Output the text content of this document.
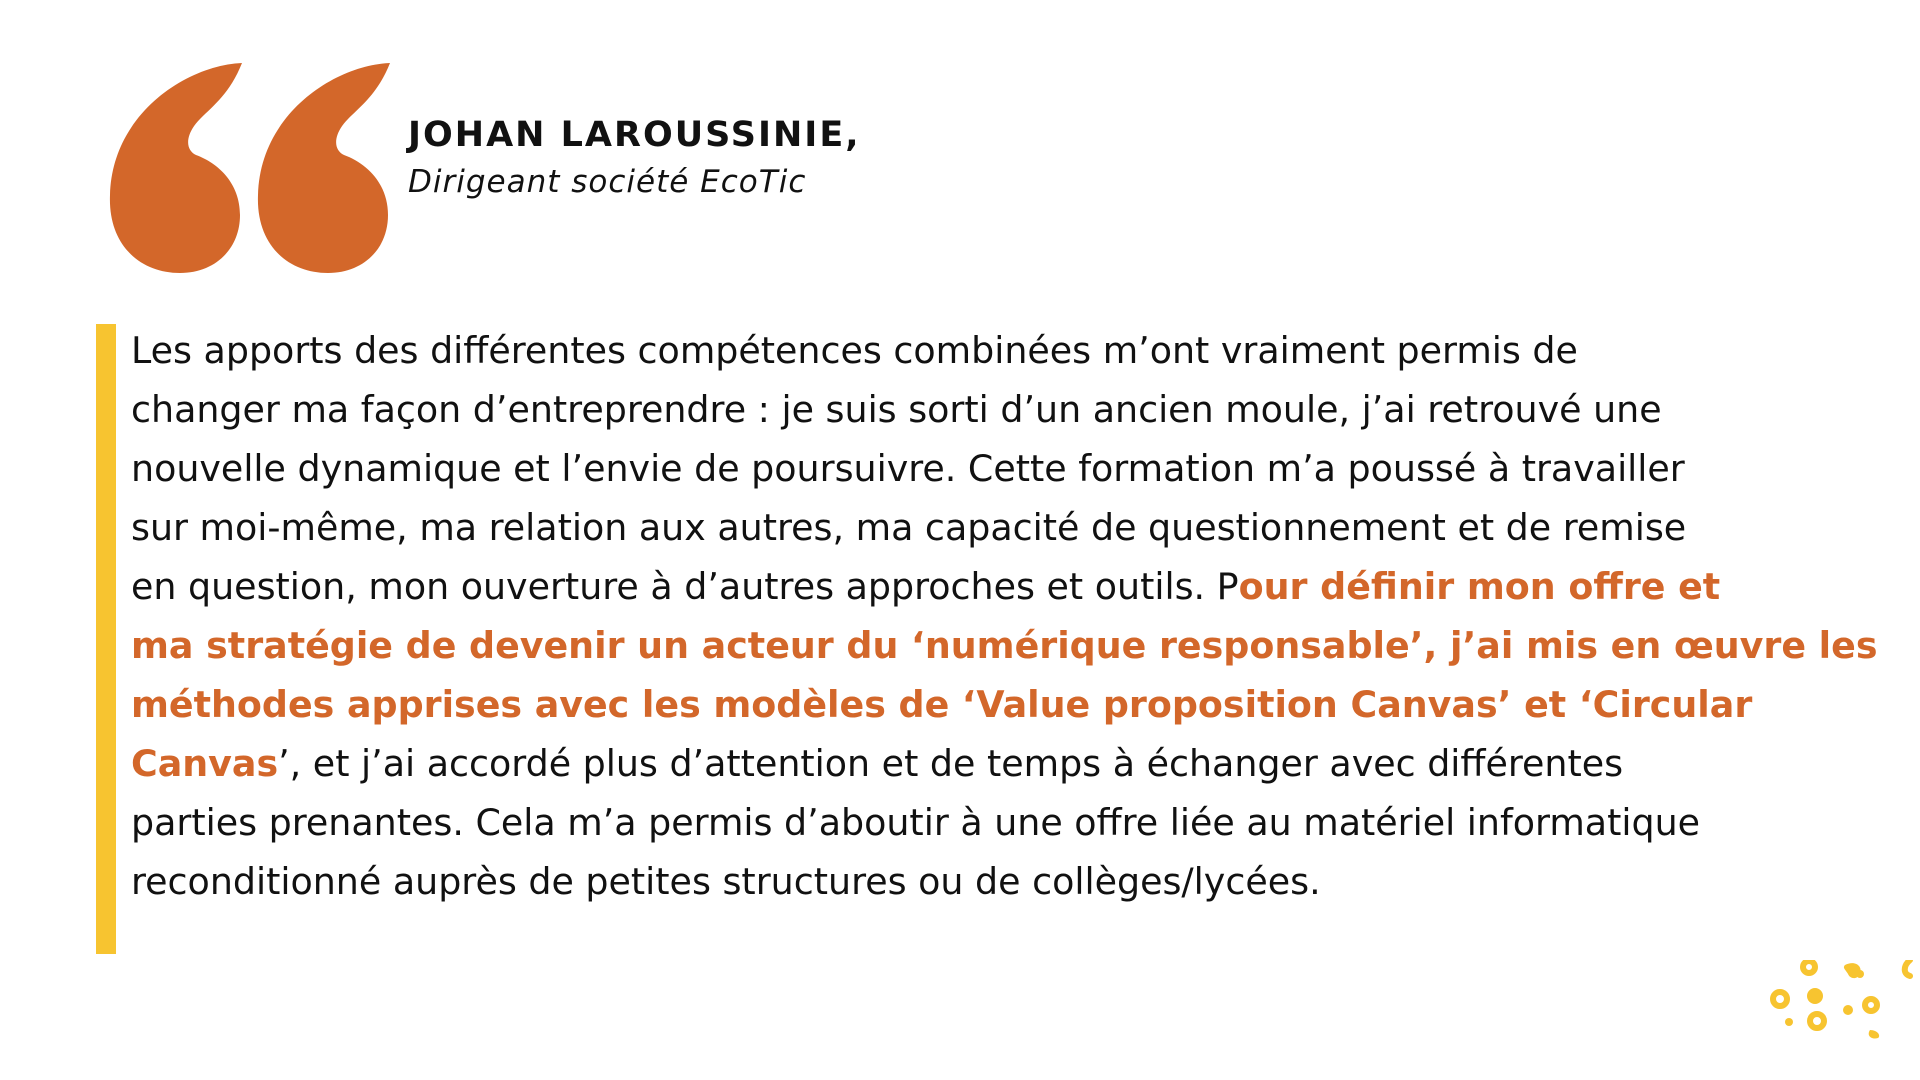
JOHAN LAROUSSINIE,
Dirigeant société EcoTic
Les apports des différentes compétences combinées m’ont vraiment permis de
changer ma façon d’entreprendre : je suis sorti d’un ancien moule, j’ai retrouvé une
nouvelle dynamique et l’envie de poursuivre. Cette formation m’a poussé à travailler
sur moi-même, ma relation aux autres, ma capacité de questionnement et de remise
en question, mon ouverture à d’autres approches et outils. Pour définir mon offre et
ma stratégie de devenir un acteur du ‘numérique responsable’, j’ai mis en œuvre les
méthodes apprises avec les modèles de ‘Value proposition Canvas’ et ‘Circular
Canvas’, et j’ai accordé plus d’attention et de temps à échanger avec différentes
parties prenantes. Cela m’a permis d’aboutir à une offre liée au matériel informatique
reconditionné auprès de petites structures ou de collèges/lycées.
